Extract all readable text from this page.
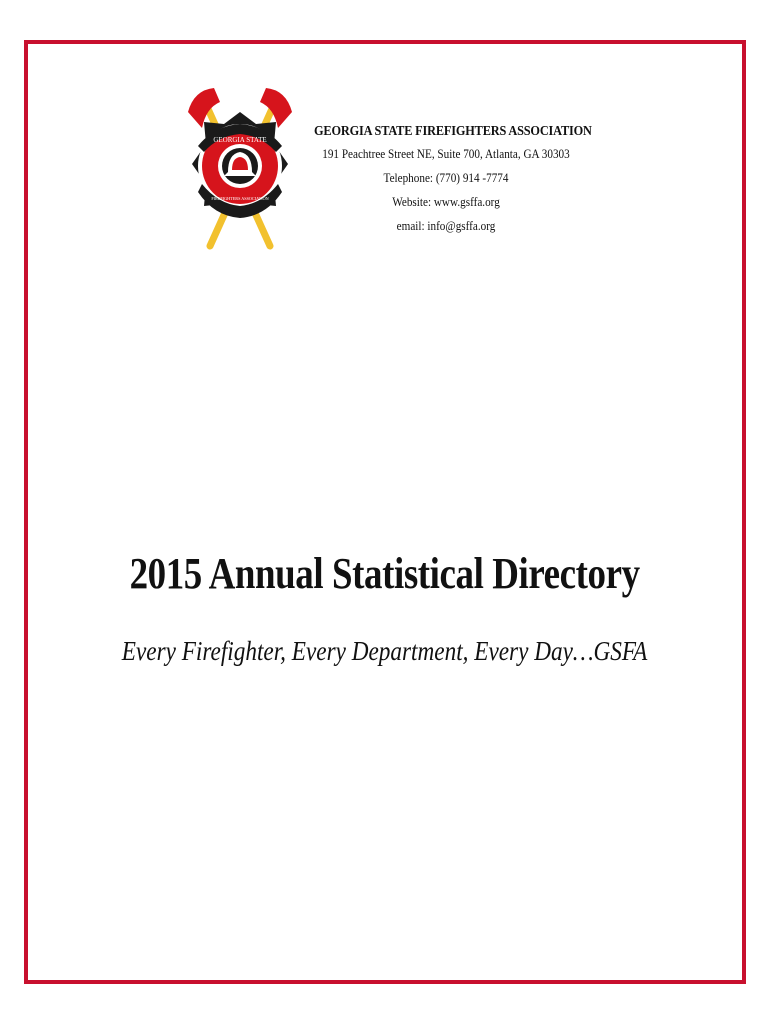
GEORGIA STATE
FIREFIGHTERS ASSOCIATION
GEORGIA STATE FIREFIGHTERS ASSOCIATION
191 Peachtree Street NE, Suite 700, Atlanta, GA 30303
Telephone: (770) 914 -7774
Website: www.gsffa.org
email: info@gsffa.org
2015 Annual Statistical Directory
Every Firefighter, Every Department, Every Day…GSFA
